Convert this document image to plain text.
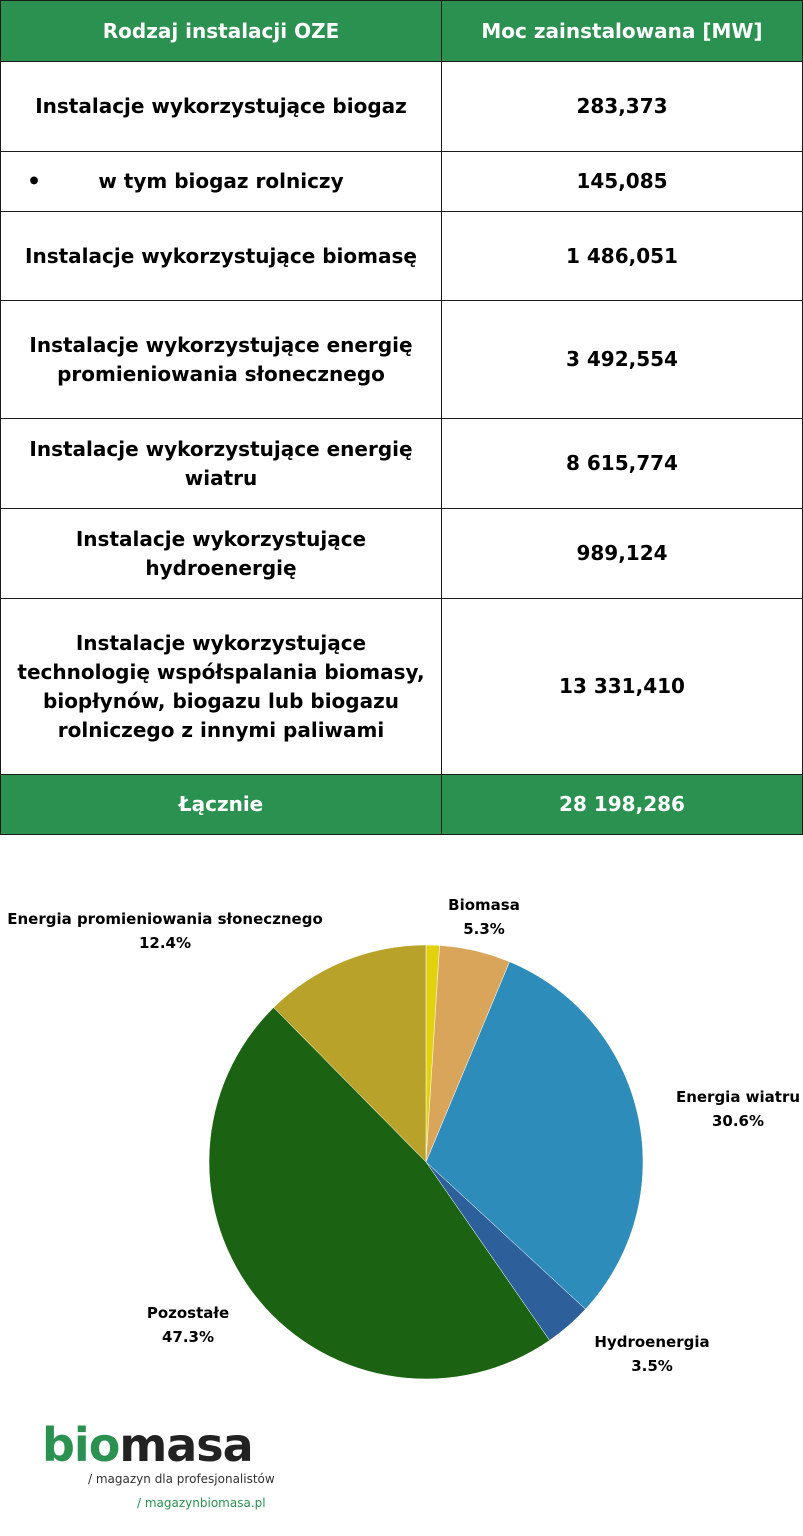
Rodzaj instalacji OZE	Moc zainstalowana [MW]
Instalacje wykorzystujące biogaz	283,373

• w tym biogaz rolniczy	145,085
Instalacje wykorzystujące biomasę	1 486,051
Instalacje wykorzystujące energię promieniowania słonecznego	3 492,554
Instalacje wykorzystujące energię wiatru	8 615,774
Instalacje wykorzystujące hydroenergię	989,124
Instalacje wykorzystujące technologię współspalania biomasy, biopłynów, biogazu lub biogazu rolniczego z innymi paliwami	13 331,410
Łącznie	28 198,286
Biomasa
5.3%
Energia wiatru
30.6%
Hydroenergia
3.5%
Pozostałe
47.3%
Energia promieniowania słonecznego
12.4%
biomasa
/ magazyn dla profesjonalistów
/ magazynbiomasa.pl
